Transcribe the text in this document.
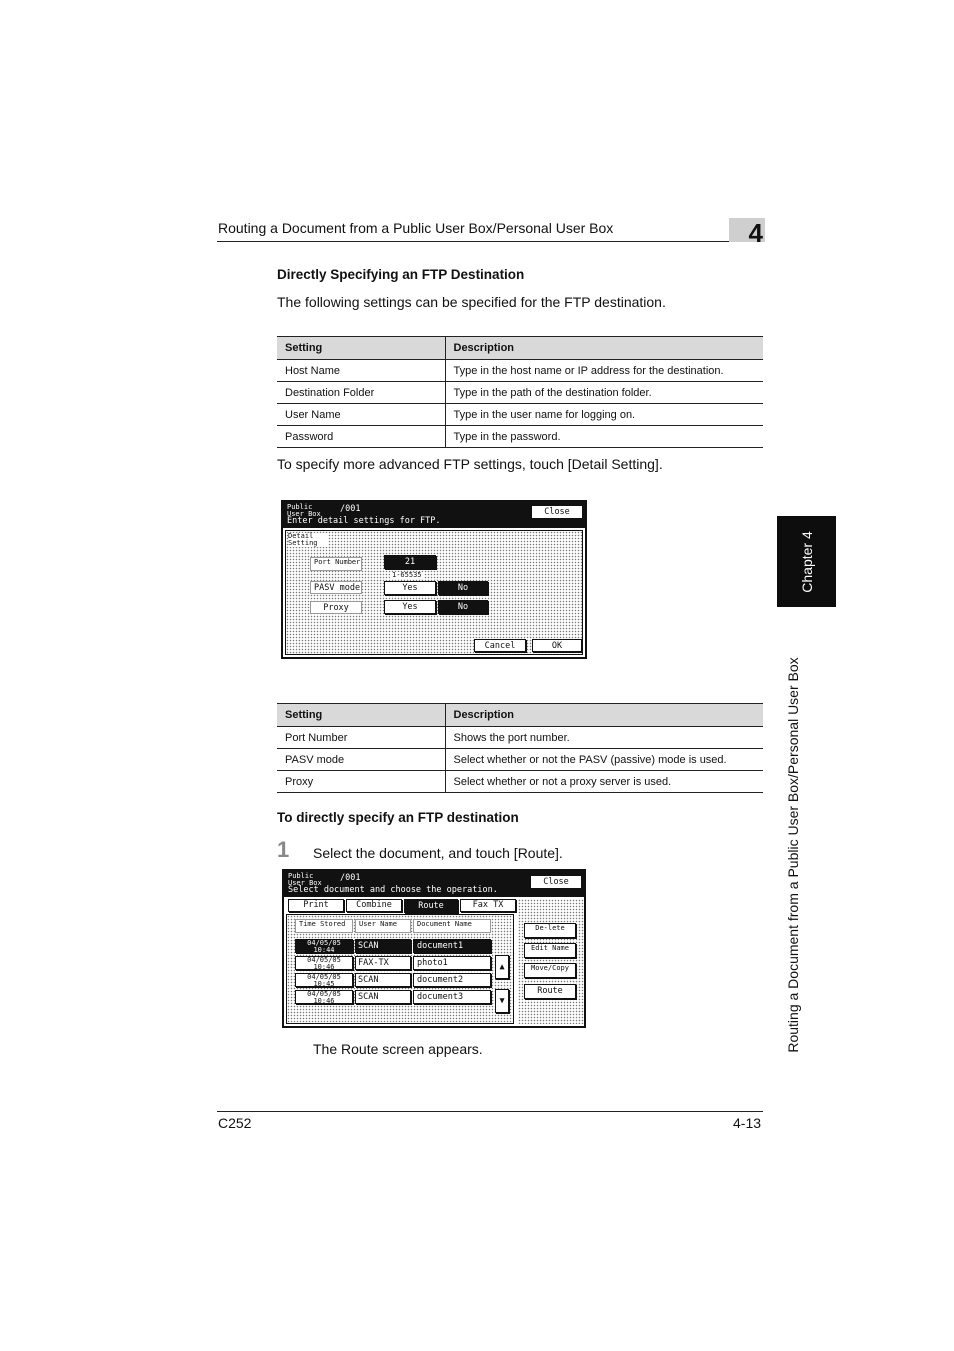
Routing a Document from a Public User Box/Personal User Box	4
Chapter 4
Routing a Document from a Public User Box/Personal User Box
Directly Specifying an FTP Destination
The following settings can be specified for the FTP destination.
Setting	Description
Host Name	Type in the host name or IP address for the destination.
Destination Folder	Type in the path of the destination folder.
User Name	Type in the user name for logging on.
Password	Type in the password.
To specify more advanced FTP settings, touch [Detail Setting].
Public User Box	/001
Enter detail settings for FTP.
Close
Detail Setting
Port Number	21
1-65535
PASV mode	Yes	No
Proxy	Yes	No
Cancel	OK
Setting	Description
Port Number	Shows the port number.
PASV mode	Select whether or not the PASV (passive) mode is used.
Proxy	Select whether or not a proxy server is used.
To directly specify an FTP destination
1 Select the document, and touch [Route].
Public User Box	/001
Select document and choose the operation.
Close
Print	Combine	Route	Fax TX
Time Stored	User Name	Document Name
04/05/05 10:44	SCAN	document1
04/05/05 10:46	FAX-TX	photo1
04/05/05 10:45	SCAN	document2
04/05/05 10:46	SCAN	document3
▲
▼
De-lete
Edit Name
Move/Copy
Route
The Route screen appears.
C252	4-13
